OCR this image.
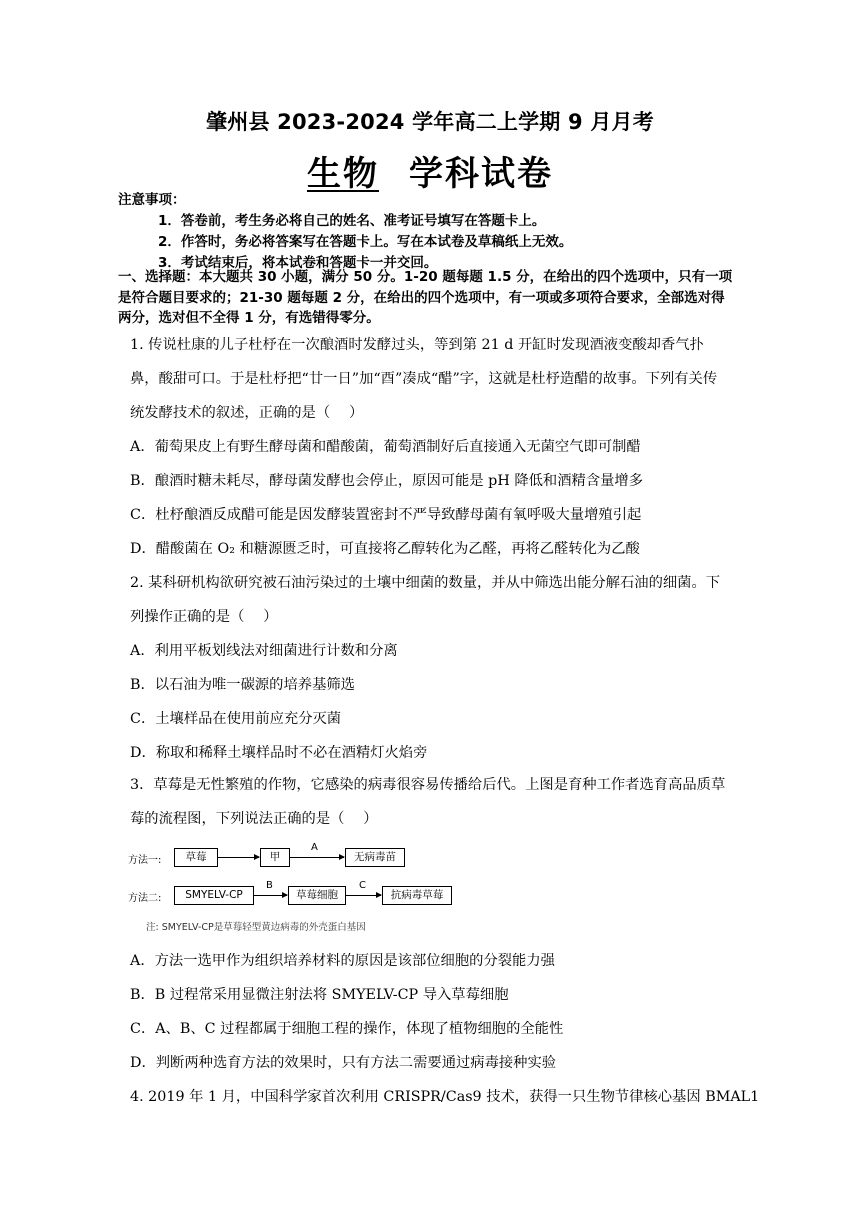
肇州县 2023-2024 学年高二上学期 9 月月考
生物 学科试卷
注意事项：
1．答卷前，考生务必将自己的姓名、准考证号填写在答题卡上。
2．作答时，务必将答案写在答题卡上。写在本试卷及草稿纸上无效。
3．考试结束后，将本试卷和答题卡一并交回。
一、选择题：本大题共 30 小题，满分 50 分。1-20 题每题 1.5 分，在给出的四个选项中，只有一项是符合题目要求的；21-30 题每题 2 分，在给出的四个选项中，有一项或多项符合要求，全部选对得两分，选对但不全得 1 分，有选错得零分。

1. 传说杜康的儿子杜杼在一次酿酒时发酵过头，等到第 21 d 开缸时发现酒液变酸却香气扑鼻，酸甜可口。于是杜杼把“廿一日”加“酉”凑成“醋”字，这就是杜杼造醋的故事。下列有关传统发酵技术的叙述，正确的是（　 ）

A．葡萄果皮上有野生酵母菌和醋酸菌，葡萄酒制好后直接通入无菌空气即可制醋

B．酿酒时糖未耗尽，酵母菌发酵也会停止，原因可能是 pH 降低和酒精含量增多

C．杜杼酿酒反成醋可能是因发酵装置密封不严导致酵母菌有氧呼吸大量增殖引起

D．醋酸菌在 O₂ 和糖源匮乏时，可直接将乙醇转化为乙醛，再将乙醛转化为乙酸

2. 某科研机构欲研究被石油污染过的土壤中细菌的数量，并从中筛选出能分解石油的细菌。下列操作正确的是（　 ）

A．利用平板划线法对细菌进行计数和分离

B．以石油为唯一碳源的培养基筛选

C．土壤样品在使用前应充分灭菌

D．称取和稀释土壤样品时不必在酒精灯火焰旁

3．草莓是无性繁殖的作物，它感染的病毒很容易传播给后代。上图是育种工作者选育高品质草莓的流程图，下列说法正确的是（　 ）

方法一:	草莓	甲
A
无病毒苗
方法二:	SMYELV-CP
B
草莓细胞
C
抗病毒草莓
注: SMYELV-CP是草莓轻型黄边病毒的外壳蛋白基因

A．方法一选甲作为组织培养材料的原因是该部位细胞的分裂能力强

B．B 过程常采用显微注射法将 SMYELV-CP 导入草莓细胞

C．A、B、C 过程都属于细胞工程的操作，体现了植物细胞的全能性

D．判断两种选育方法的效果时，只有方法二需要通过病毒接种实验

4. 2019 年 1 月，中国科学家首次利用 CRISPR/Cas9 技术，获得一只生物节律核心基因 BMAL1
